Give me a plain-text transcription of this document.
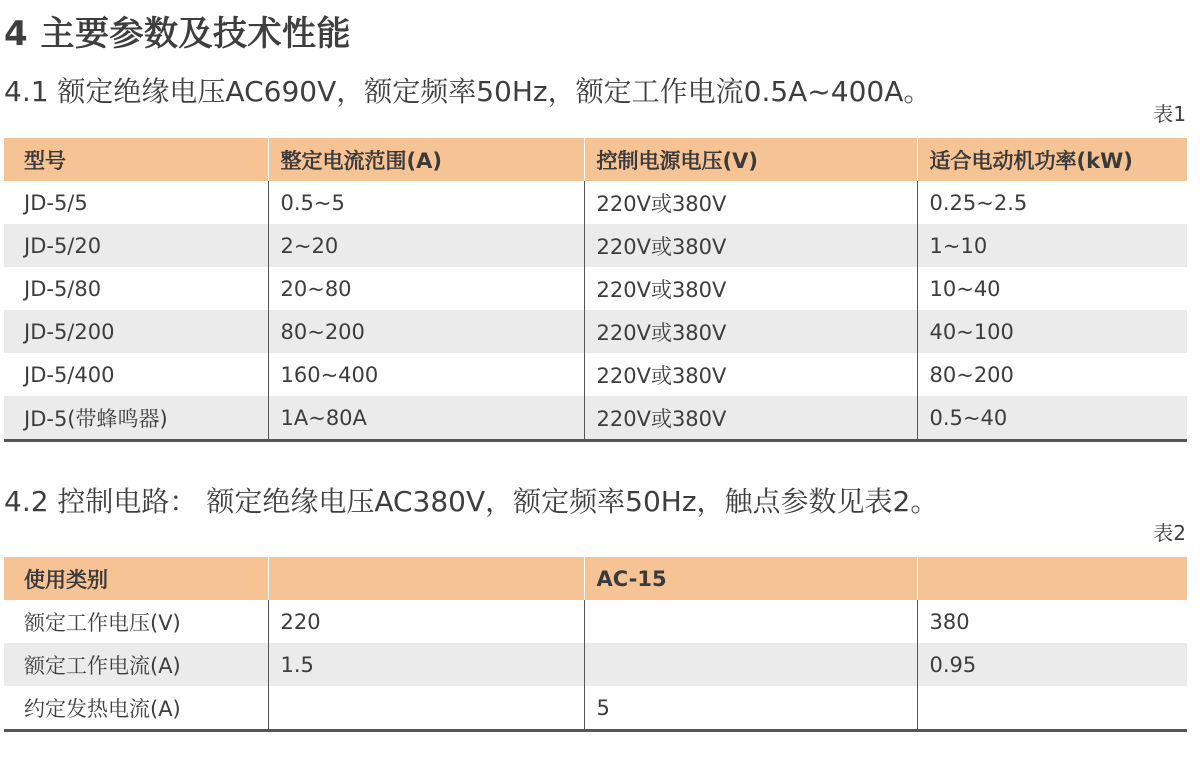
4 主要参数及技术性能

4.1 额定绝缘电压AC690V，额定频率50Hz，额定工作电流0.5A~400A。

表1
型号	整定电流范围(A)	控制电源电压(V)	适合电动机功率(kW)
JD-5/5	0.5~5	220V或380V	0.25~2.5
JD-5/20	2~20	220V或380V	1~10
JD-5/80	20~80	220V或380V	10~40
JD-5/200	80~200	220V或380V	40~100
JD-5/400	160~400	220V或380V	80~200
JD-5(带蜂鸣器)	1A~80A	220V或380V	0.5~40

4.2 控制电路： 额定绝缘电压AC380V，额定频率50Hz，触点参数见表2。

表2
使用类别		AC-15	
额定工作电压(V)	220		380
额定工作电流(A)	1.5		0.95
约定发热电流(A)		5	
